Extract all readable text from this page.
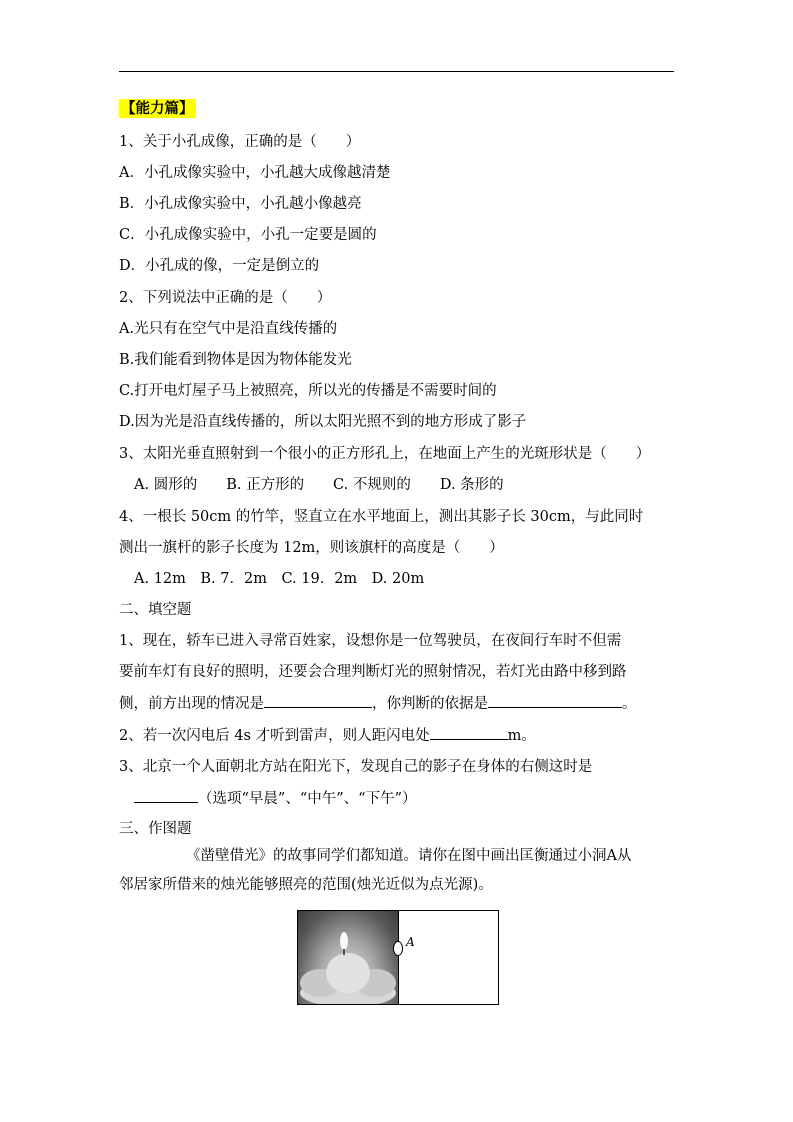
【能力篇】
1、关于小孔成像，正确的是（　　）
A．小孔成像实验中，小孔越大成像越清楚
B．小孔成像实验中，小孔越小像越亮
C．小孔成像实验中，小孔一定要是圆的
D．小孔成的像，一定是倒立的
2、下列说法中正确的是（　　）
A.光只有在空气中是沿直线传播的
B.我们能看到物体是因为物体能发光
C.打开电灯屋子马上被照亮，所以光的传播是不需要时间的
D.因为光是沿直线传播的，所以太阳光照不到的地方形成了影子
3、太阳光垂直照射到一个很小的正方形孔上，在地面上产生的光斑形状是（　　）
A. 圆形的　　B. 正方形的　　C. 不规则的　　D. 条形的
4、一根长 50cm 的竹竿，竖直立在水平地面上，测出其影子长 30cm，与此同时
测出一旗杆的影子长度为 12m，则该旗杆的高度是（　　）
A. 12m　B. 7．2m　C. 19．2m　D. 20m
二、填空题
1、现在，轿车已进入寻常百姓家，设想你是一位驾驶员，在夜间行车时不但需
要前车灯有良好的照明，还要会合理判断灯光的照射情况，若灯光由路中移到路
侧，前方出现的情况是	，你判断的依据是	。
2、若一次闪电后 4s 才听到雷声，则人距闪电处	m。
3、北京一个人面朝北方站在阳光下，发现自己的影子在身体的右侧这时是
（选项“早晨”、“中午”、“下午”）
三、作图题
《凿壁借光》的故事同学们都知道。请你在图中画出匡衡通过小洞A从
邻居家所借来的烛光能够照亮的范围(烛光近似为点光源)。
A
